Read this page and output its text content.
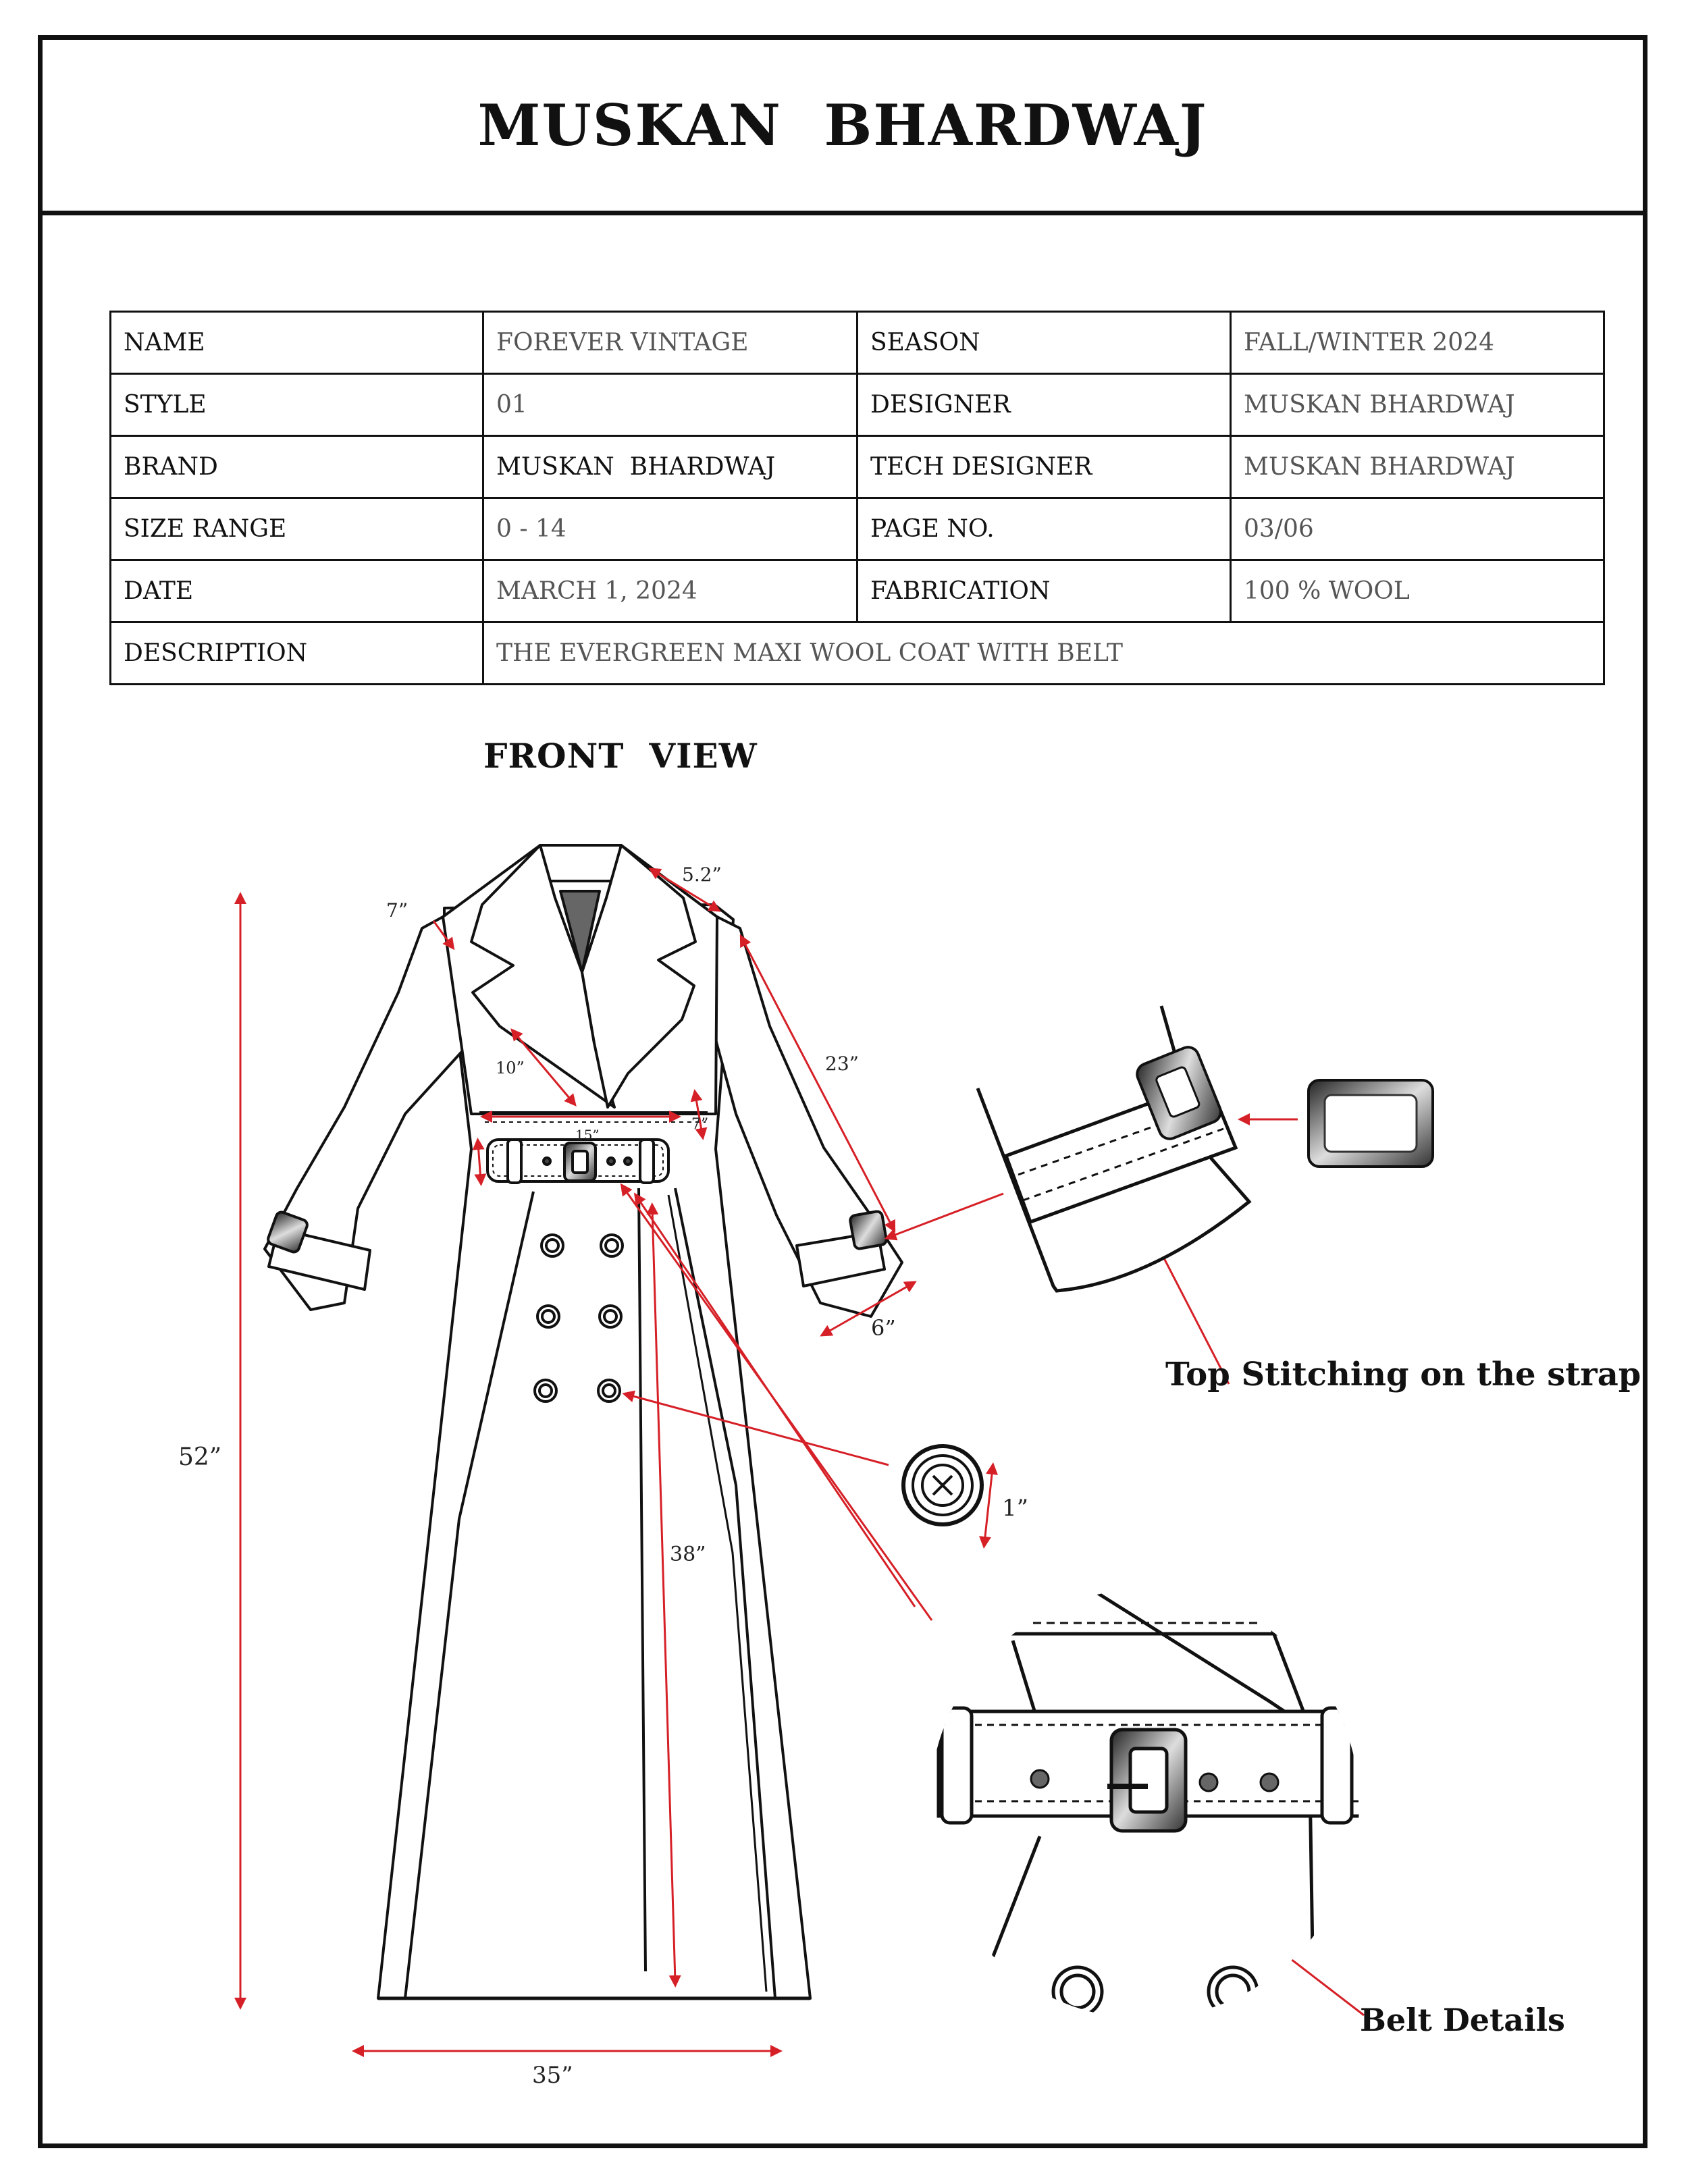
MUSKAN  BHARDWAJ
NAME	FOREVER VINTAGE	SEASON	FALL/WINTER 2024
STYLE	01	DESIGNER	MUSKAN BHARDWAJ
BRAND	MUSKAN  BHARDWAJ	TECH DESIGNER	MUSKAN BHARDWAJ
SIZE RANGE	0 - 14	PAGE NO.	03/06
DATE	MARCH 1, 2024	FABRICATION	100 % WOOL
DESCRIPTION	THE EVERGREEN MAXI WOOL COAT WITH BELT		
FRONT  VIEW
7”
5.2”
23”
10”
15”
7”
6”
52”
38”
1”
35”
Top Stitching on the strap
Belt Details
